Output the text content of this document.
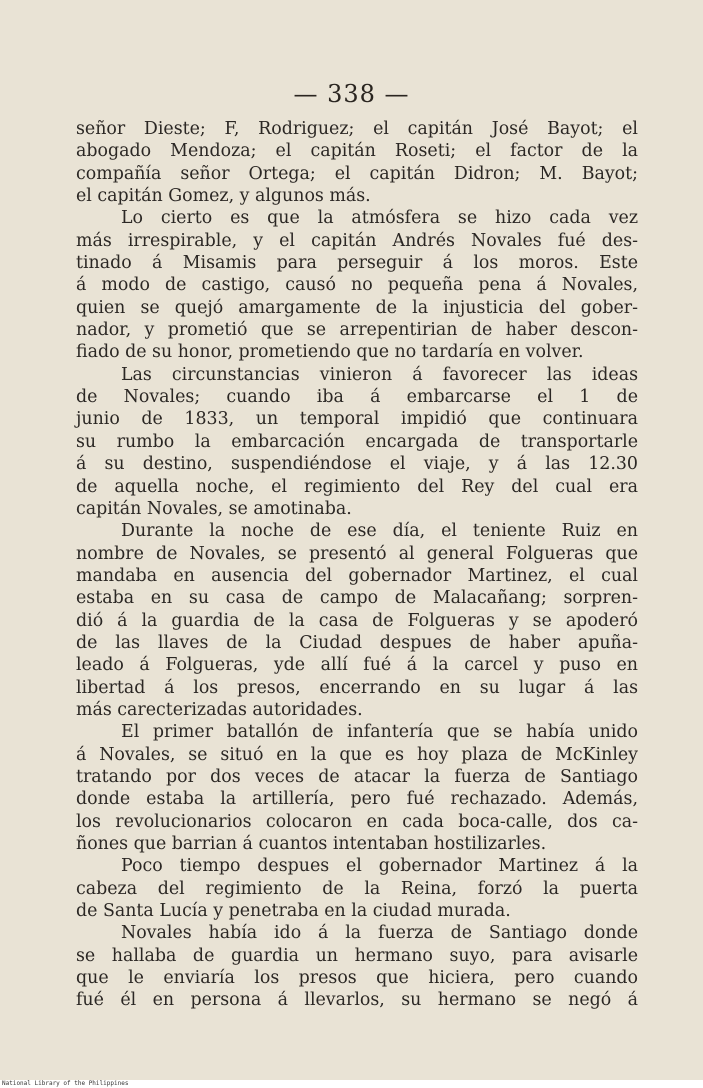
— 338 —
señor Dieste; F, Rodriguez; el capitán José Bayot; el
abogado Mendoza; el capitán Roseti; el factor de la
compañía señor Ortega; el capitán Didron; M. Bayot;
el capitán Gomez, y algunos más.
Lo cierto es que la atmósfera se hizo cada vez
más irrespirable, y el capitán Andrés Novales fué des-
tinado á Misamis para perseguir á los moros. Este
á modo de castigo, causó no pequeña pena á Novales,
quien se quejó amargamente de la injusticia del gober-
nador, y prometió que se arrepentirian de haber descon-
fiado de su honor, prometiendo que no tardaría en volver.
Las circunstancias vinieron á favorecer las ideas
de Novales; cuando iba á embarcarse el 1 de
junio de 1833, un temporal impidió que continuara
su rumbo la embarcación encargada de transportarle
á su destino, suspendiéndose el viaje, y á las 12.30
de aquella noche, el regimiento del Rey del cual era
capitán Novales, se amotinaba.
Durante la noche de ese día, el teniente Ruiz en
nombre de Novales, se presentó al general Folgueras que
mandaba en ausencia del gobernador Martinez, el cual
estaba en su casa de campo de Malacañang; sorpren-
dió á la guardia de la casa de Folgueras y se apoderó
de las llaves de la Ciudad despues de haber apuña-
leado á Folgueras, yde allí fué á la carcel y puso en
libertad á los presos, encerrando en su lugar á las
más carecterizadas autoridades.
El primer batallón de infantería que se había unido
á Novales, se situó en la que es hoy plaza de McKinley
tratando por dos veces de atacar la fuerza de Santiago
donde estaba la artillería, pero fué rechazado. Además,
los revolucionarios colocaron en cada boca-calle, dos ca-
ñones que barrian á cuantos intentaban hostilizarles.
Poco tiempo despues el gobernador Martinez á la
cabeza del regimiento de la Reina, forzó la puerta
de Santa Lucía y penetraba en la ciudad murada.
Novales había ido á la fuerza de Santiago donde
se hallaba de guardia un hermano suyo, para avisarle
que le enviaría los presos que hiciera, pero cuando
fué él en persona á llevarlos, su hermano se negó á
National Library of the Philippines
